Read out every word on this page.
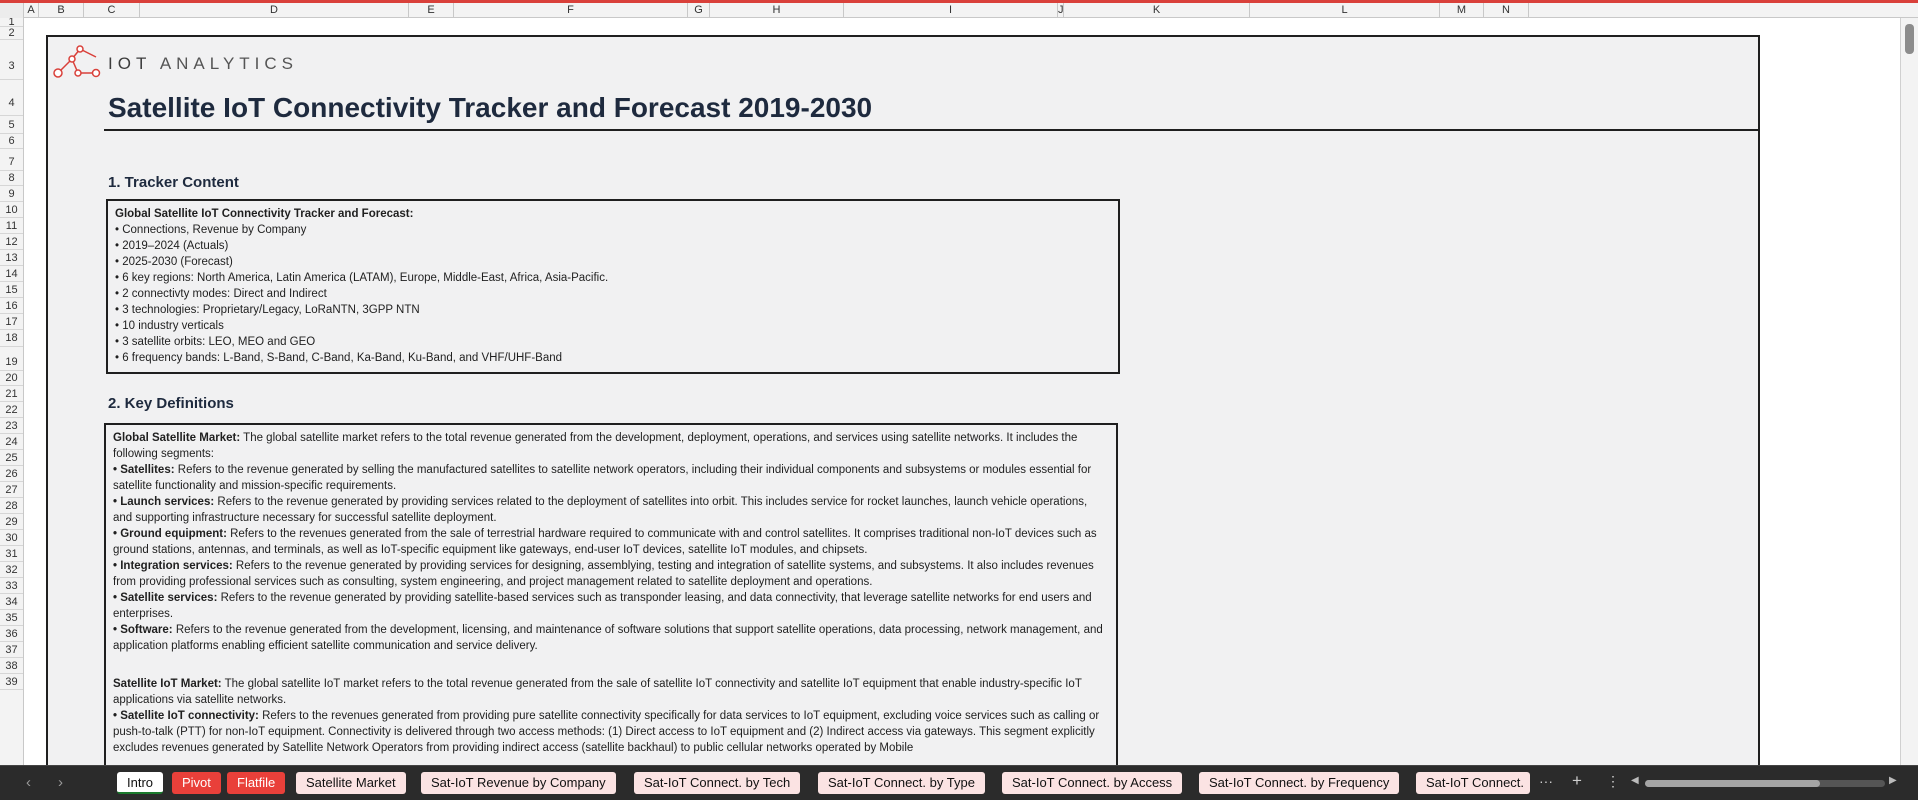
A	B	C	D	E	F	G	H	I	J	K	L	M	N
1
2
3
4
5
6
7
8
9
10
11
12
13
14
15
16
17
18
19
20
21
22
23
24
25
26
27
28
29
30
31
32
33
34
35
36
37
38
39
IOT ANALYTICS
Satellite IoT Connectivity Tracker and Forecast 2019-2030
1. Tracker Content

Global Satellite IoT Connectivity Tracker and Forecast:

• Connections, Revenue by Company

• 2019–2024 (Actuals)

• 2025-2030 (Forecast)

• 6 key regions: North America, Latin America (LATAM), Europe, Middle-East, Africa, Asia-Pacific.

• 2 connectivty modes: Direct and Indirect

• 3 technologies: Proprietary/Legacy, LoRaNTN, 3GPP NTN

• 10 industry verticals

• 3 satellite orbits: LEO, MEO and GEO

• 6 frequency bands: L-Band, S-Band, C-Band, Ka-Band, Ku-Band, and VHF/UHF-Band

2. Key Definitions

Global Satellite Market: The global satellite market refers to the total revenue generated from the development, deployment, operations, and services using satellite networks. It includes the following segments:

• Satellites: Refers to the revenue generated by selling the manufactured satellites to satellite network operators, including their individual components and subsystems or modules essential for satellite functionality and mission-specific requirements.

• Launch services: Refers to the revenue generated by providing services related to the deployment of satellites into orbit. This includes service for rocket launches, launch vehicle operations, and supporting infrastructure necessary for successful satellite deployment.

• Ground equipment: Refers to the revenues generated from the sale of terrestrial hardware required to communicate with and control satellites. It comprises traditional non-IoT devices such as ground stations, antennas, and terminals, as well as IoT-specific equipment like gateways, end-user IoT devices, satellite IoT modules, and chipsets.

• Integration services: Refers to the revenue generated by providing services for designing, assemblying, testing and integration of satellite systems, and subsystems. It also includes revenues from providing professional services such as consulting, system engineering, and project management related to satellite deployment and operations.

• Satellite services: Refers to the revenue generated by providing satellite-based services such as transponder leasing, and data connectivity, that leverage satellite networks for end users and enterprises.

• Software: Refers to the revenue generated from the development, licensing, and maintenance of software solutions that support satellite operations, data processing, network management, and application platforms enabling efficient satellite communication and service delivery.

Satellite IoT Market: The global satellite IoT market refers to the total revenue generated from the sale of satellite IoT connectivity and satellite IoT equipment that enable industry-specific IoT applications via satellite networks.

• Satellite IoT connectivity: Refers to the revenues generated from providing pure satellite connectivity specifically for data services to IoT equipment, excluding voice services such as calling or push-to-talk (PTT) for non-IoT equipment. Connectivity is delivered through two access methods: (1) Direct access to IoT equipment and (2) Indirect access via gateways. This segment explicitly excludes revenues generated by Satellite Network Operators from providing indirect access (satellite backhaul) to public cellular networks operated by Mobile

‹ ›	Intro	Pivot	Flatfile	Satellite Market	Sat-IoT Revenue by Company	Sat-IoT Connect. by Tech	Sat-IoT Connect. by Type	Sat-IoT Connect. by Access	Sat-IoT Connect. by Frequency	Sat-IoT Connect.	··· + ⋮ ◀	▶
